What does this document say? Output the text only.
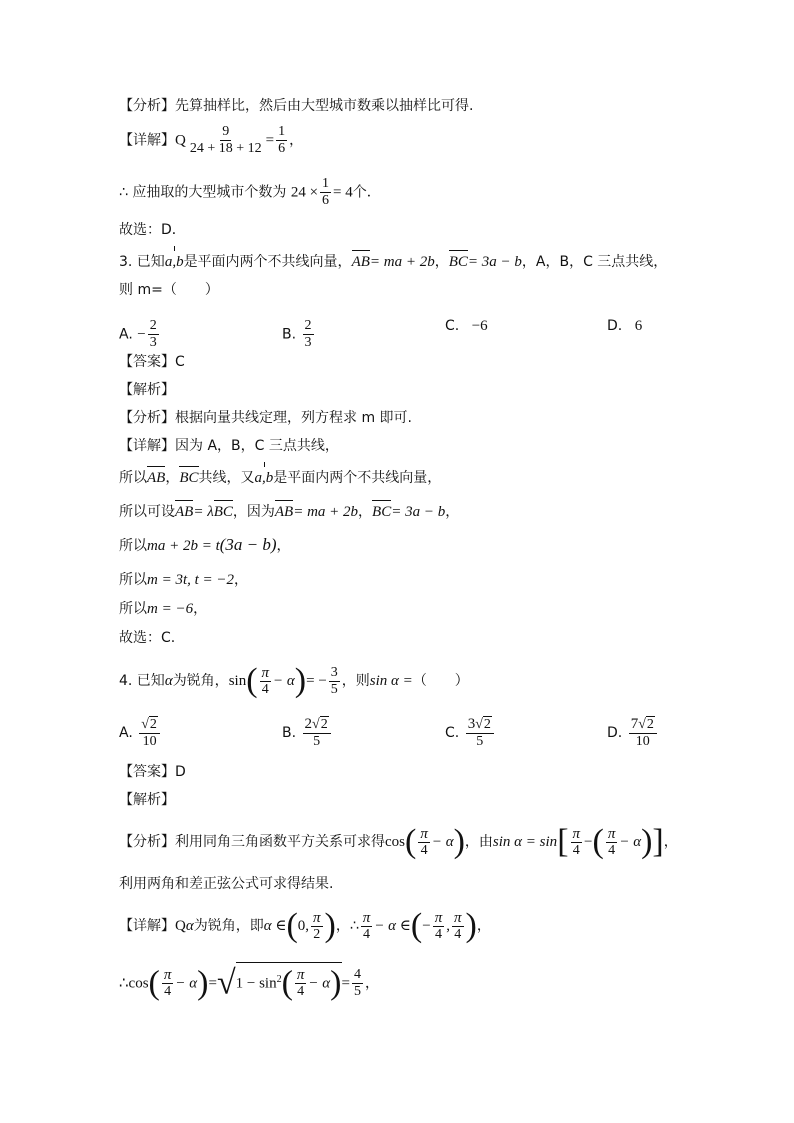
【分析】先算抽样比，然后由大型城市数乘以抽样比可得.
【详解】Q $\frac{9}{24 + 18 + 12} = \frac{1}{6}$ ，
∴ 应抽取的大型城市个数为 $24 \times \frac{1}{6} = 4$个．
故选：D．
3. 已知a,b是平面内两个不共线向量，AB= ma + 2b，BC= 3a − b，A，B，C 三点共线，
则 m=（　　）
A. − $\frac{2}{3}$	B. $\frac{2}{3}$	C. −6	D. 6
【答案】C
【解析】
【分析】根据向量共线定理，列方程求 m 即可.
【详解】因为 A，B，C 三点共线，
所以AB，BC共线，又a,b是平面内两个不共线向量，
所以可设AB= λBC，因为AB= ma + 2b，BC= 3a − b，
所以ma + 2b = t(3a − b)，
所以m = 3t, t = −2，
所以m = −6，
故选：C.
4. 已知α为锐角，$\sin( \frac{\pi}{4} - \alpha)= - \frac{3}{5}$ ，则sin α =（　　）
A. $\frac{√2}{10}$	B. $\frac{2√2}{5}$	C. $\frac{3√2}{5}$	D. $\frac{7√2}{10}$
【答案】D
【解析】
【分析】利用同角三角函数平方关系可求得$\cos( \frac{\pi}{4} - \alpha)$，由$\sin \alpha = \sin[ \frac{\pi}{4}$ −( $\frac{\pi}{4} - \alpha$)]，
利用两角和差正弦公式可求得结果.
【详解】Qα为锐角，即α ∈(0, $\frac{\pi}{2}$ )，∴ $\frac{\pi}{4} - \alpha$ ∈(− $\frac{\pi}{4}$ , $\frac{\pi}{4}$ )，
∴cos( $\frac{\pi}{4} - \alpha)=√1 - \sin^2( \frac{\pi}{4} - \alpha)= \frac{4}{5}$ ，
